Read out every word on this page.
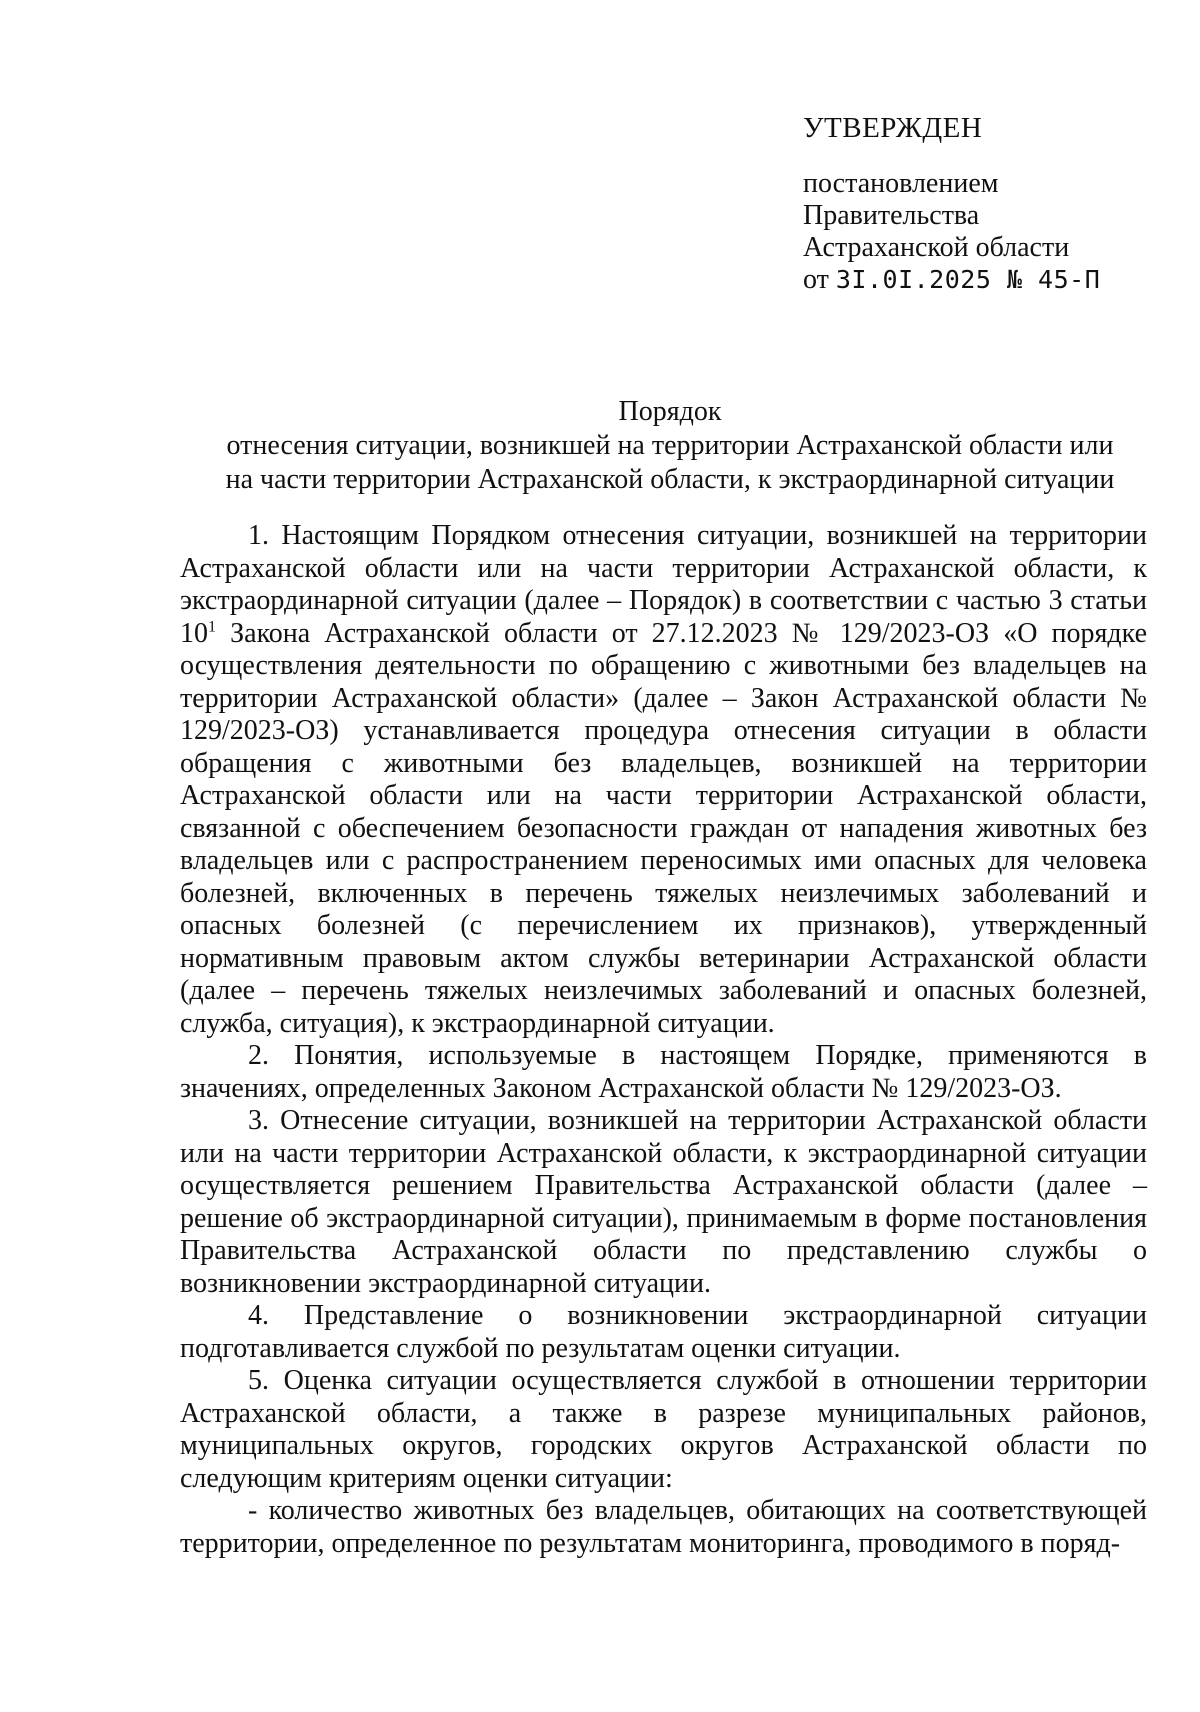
УТВЕРЖДЕН
постановлением
Правительства
Астраханской области
от 3I.0I.2025 № 45-П
Порядок
отнесения ситуации, возникшей на территории Астраханской области или
на части территории Астраханской области, к экстраординарной ситуации

1. Настоящим Порядком отнесения ситуации, возникшей на территории Астраханской области или на части территории Астраханской области, к экстраординарной ситуации (далее – Порядок) в соответствии с частью 3 статьи $10^1$ Закона Астраханской области от 27.12.2023 № 129/2023-ОЗ «О порядке осуществления деятельности по обращению с животными без владельцев на территории Астраханской области» (далее – Закон Астраханской области № 129/2023-ОЗ) устанавливается процедура отнесения ситуации в области обращения с животными без владельцев, возникшей на территории Астраханской области или на части территории Астраханской области, связанной с обеспечением безопасности граждан от нападения животных без владельцев или с распространением переносимых ими опасных для человека болезней, включенных в перечень тяжелых неизлечимых заболеваний и опасных болезней (с перечислением их признаков), утвержденный нормативным правовым актом службы ветеринарии Астраханской области (далее – перечень тяжелых неизлечимых заболеваний и опасных болезней, служба, ситуация), к экстраординарной ситуации.

2. Понятия, используемые в настоящем Порядке, применяются в значениях, определенных Законом Астраханской области № 129/2023-ОЗ.

3. Отнесение ситуации, возникшей на территории Астраханской области или на части территории Астраханской области, к экстраординарной ситуации осуществляется решением Правительства Астраханской области (далее – решение об экстраординарной ситуации), принимаемым в форме постановления Правительства Астраханской области по представлению службы о возникновении экстраординарной ситуации.

4. Представление о возникновении экстраординарной ситуации подготавливается службой по результатам оценки ситуации.

5. Оценка ситуации осуществляется службой в отношении территории Астраханской области, а также в разрезе муниципальных районов, муниципальных округов, городских округов Астраханской области по следующим критериям оценки ситуации:

- количество животных без владельцев, обитающих на соответствующей территории, определенное по результатам мониторинга, проводимого в поряд-
